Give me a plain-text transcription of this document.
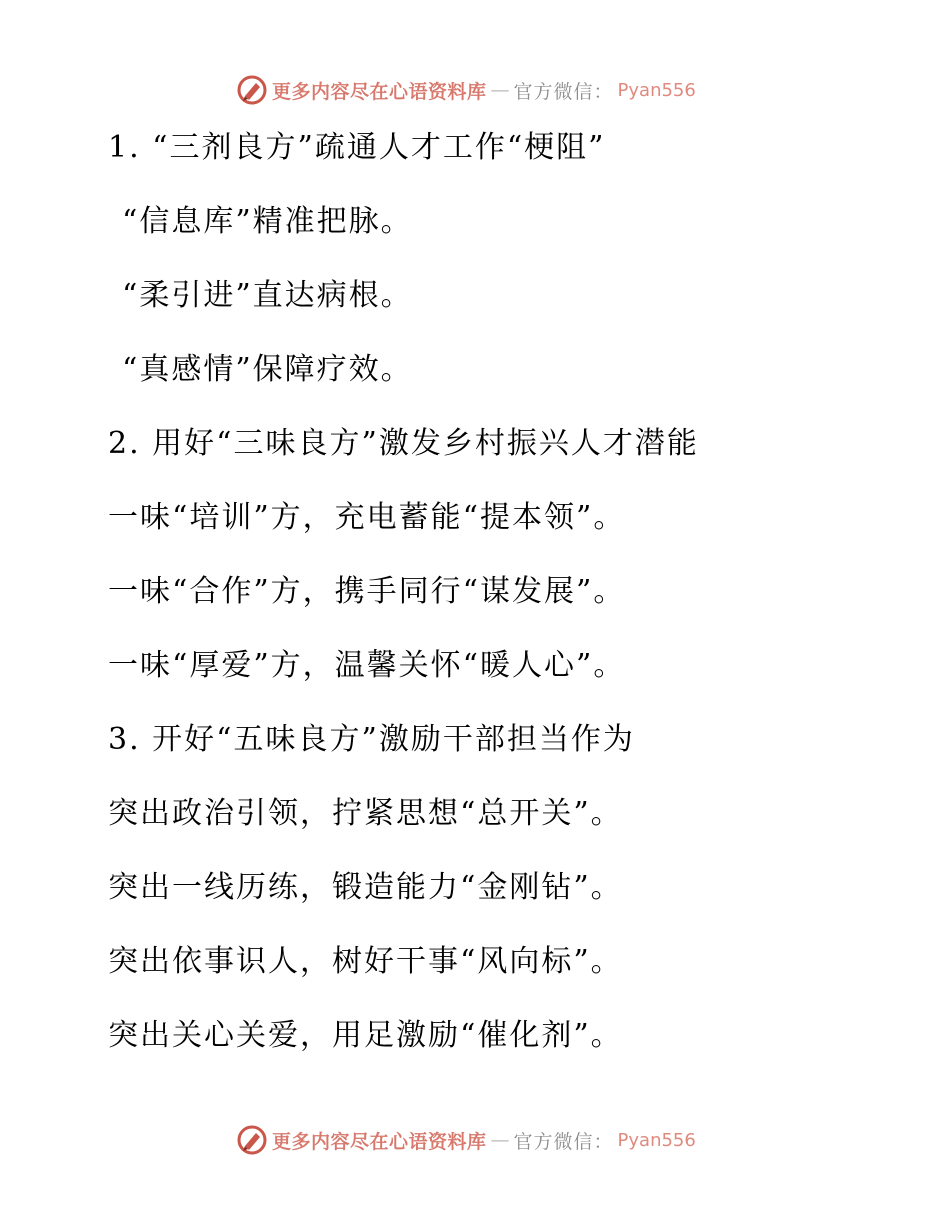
更多内容尽在心语资料库 — 官方微信： Pyan556
1. “三剂良方”疏通人才工作“梗阻”
“信息库”精准把脉。
“柔引进”直达病根。
“真感情”保障疗效。
2. 用好“三味良方”激发乡村振兴人才潜能
一味“培训”方，充电蓄能“提本领”。
一味“合作”方，携手同行“谋发展”。
一味“厚爱”方，温馨关怀“暖人心”。
3. 开好“五味良方”激励干部担当作为
突出政治引领，拧紧思想“总开关”。
突出一线历练，锻造能力“金刚钻”。
突出依事识人，树好干事“风向标”。
突出关心关爱，用足激励“催化剂”。
更多内容尽在心语资料库 — 官方微信： Pyan556
